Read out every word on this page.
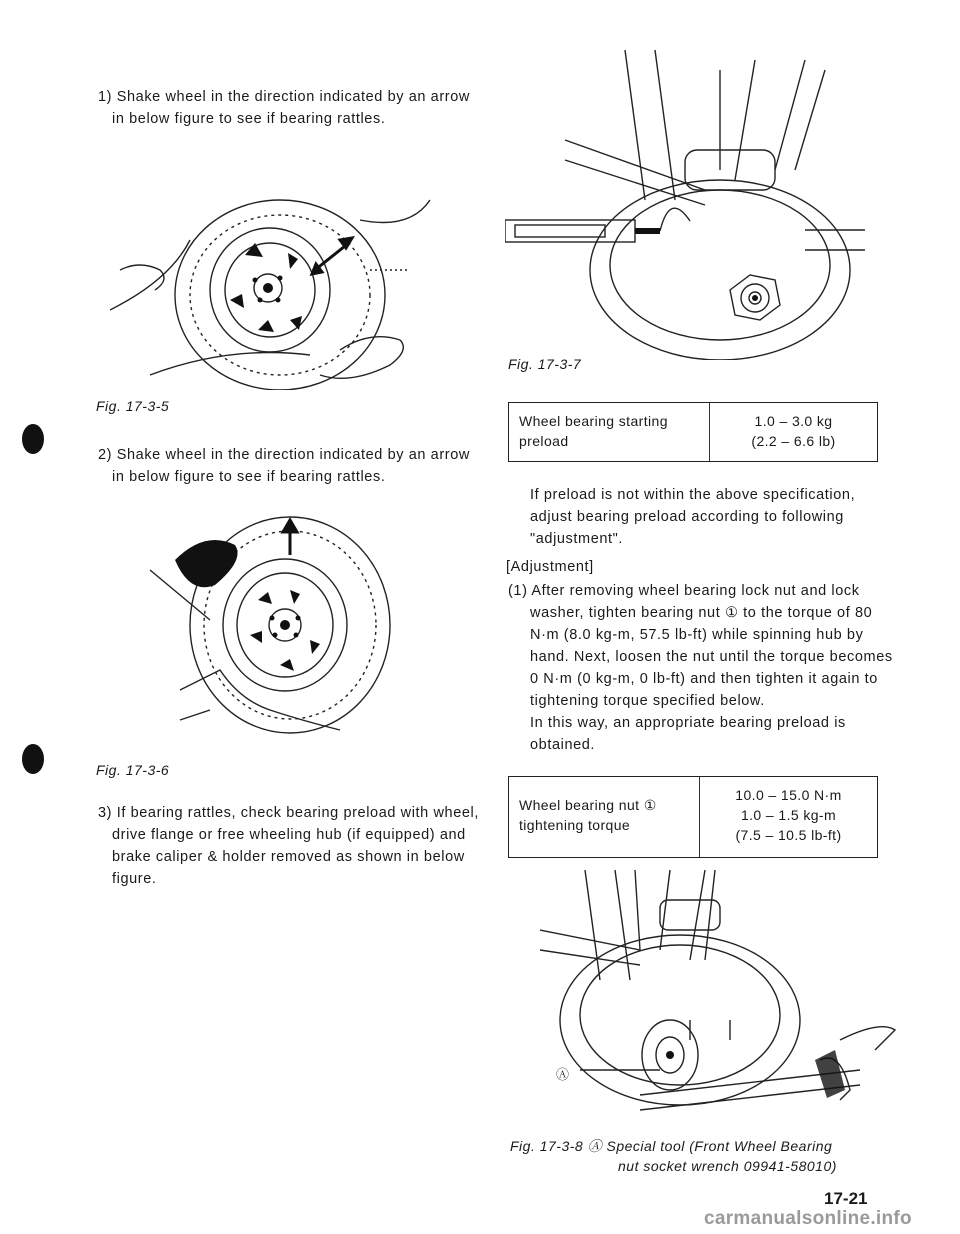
1) Shake wheel in the direction indicated by an arrow in below figure to see if bearing rattles.

Fig. 17-3-5

2) Shake wheel in the direction indicated by an arrow in below figure to see if bearing rattles.

Fig. 17-3-6

3) If bearing rattles, check bearing preload with wheel, drive flange or free wheeling hub (if equipped) and brake caliper & holder removed as shown in below figure.

Fig. 17-3-7
Wheel bearing starting preload
1.0 – 3.0 kg
(2.2 – 6.6 lb)

If preload is not within the above specification, adjust bearing preload according to following "adjustment".

[Adjustment]

(1) After removing wheel bearing lock nut and lock washer, tighten bearing nut ① to the torque of 80 N·m (8.0 kg-m, 57.5 lb-ft) while spinning hub by hand. Next, loosen the nut until the torque becomes 0 N·m (0 kg-m, 0 lb-ft) and then tighten it again to tightening torque specified below.

In this way, an appropriate bearing preload is obtained.

Wheel bearing nut ① tightening torque
10.0 – 15.0 N·m
1.0 – 1.5 kg-m
(7.5 – 10.5 lb-ft)
Ⓐ
Fig. 17-3-8 Ⓐ Special tool (Front Wheel Bearing
nut socket wrench 09941-58010)
17-21
carmanualsonline.info
